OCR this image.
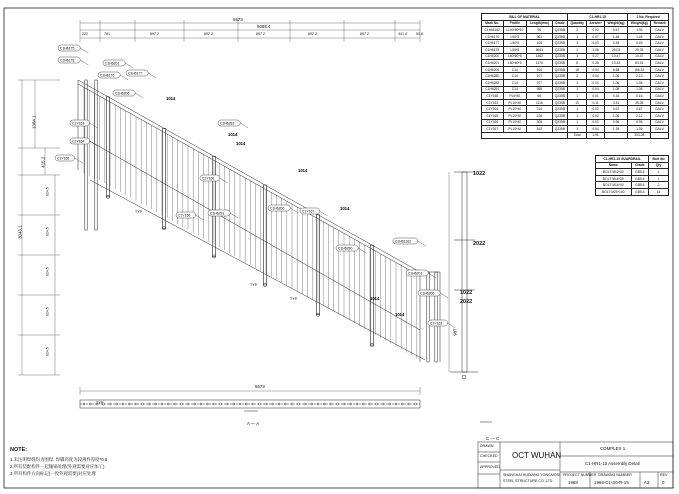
C1H6175
C1H6178
C1H6176
C1H6201
C1H6177
C1H6206
C1Y163
C1Y164
C1Y165
C1H6283
C1Y166
C1Y156	C1H6291
C1H6200
C1Y167
C1H6280
C1H61162
C1H6201
C1H6206
C1Y163
1014
1014
1014
1014
1014
1014
1014
TYP.
TYP.
TYP.
TYP.
5573
5088.4
222	781	897.2	897.2	897.2	897.2	897.2	441.4	90.6
3043.1
1384.1
415.2
624.5
624.5
624.5
624.5
624.5
5573
1022
2022
1022
2022
987
A — A
C — C
BILL OF MATERIAL				C1-HR1-15			1 No. Required	
Mark No.	Profile	Length(mm)	Grade	Quantity	Area/m²	Weight(kg)	Weight(kg)	Remark
C1H61162	L100*80*10	90	Q235B	2	0.02	0.67	1.35	GALV.
C1H6176	L50*5	961	Q235B	1	0.07	1.46	1.46	GALV.
C1H6177	L50*5	105	Q235B	1	0.03	0.49	0.49	GALV.
C1H6178	L50*5	6643	Q235B	1	1.06	25.03	25.03	GALV.
C1H6200	L60*60*5	1462	Q235B	1	0.27	10.47	10.47	GALV.
C1H6201	L60*60*5	1470	Q235B	8	0.28	10.43	83.41	GALV.
C1H6206	C14	910	Q235B	18	0.04	8.68	156.32	GALV.
C1H6280	C14	977	Q235B	2	0.04	1.06	2.13	GALV.
C1H6283	C14	977	Q235B	1	0.04	1.06	1.06	GALV.
C1H6291	C14	985	Q235B	1	0.04	1.08	1.08	GALV.
C1Y156	PL6*50	69	Q235B	1	0.01	0.16	0.16	GALV.
C1Y163	PL10*40	1116	Q235B	10	0.11	3.51	35.05	GALV.
C1Y164	PL10*40	214	Q235B	1	0.02	0.67	0.67	GALV.
C1Y165	PL10*40	226	Q235B	1	0.02	1.06	2.12	GALV.
C1Y166	PL10*40	305	Q235B	1	0.03	0.96	0.96	GALV.
C1Y167	PL10*40	443	Q235B	1	0.04	1.39	1.39	GALV.
				Total	1.91		303.08	
C1-HR1-15 GUARDRAIL		Bolt list
Name	Grade	Qty
BOLT M12*30	GB5.6	1
BOLT M16*35	GB5.6	1
BOLT M16*40	GB5.6	2
BOLT M20*100	GB5.6	14
NOTE:
1.未注明焊缝均为围焊, 焊脚高度为较薄件厚度*0.8
2.所有装配构件一起镚锅处理(外观需要对应加工)
3.所有构件方向标记(一致外观需要)对应处理
DRAWN
CHECKED
APPROVED
OCT WUHAN
SHANGHAI HUDIANG YONGMOSI
STEEL STRUCTURE CO.,LTD.
COMPLEX 1
C1-HR1-15 Assembly Detail
PROJECT NUMBER
1968
DRAWING NUMBER
1968-C1-S0-R-15
REV
A3	0
